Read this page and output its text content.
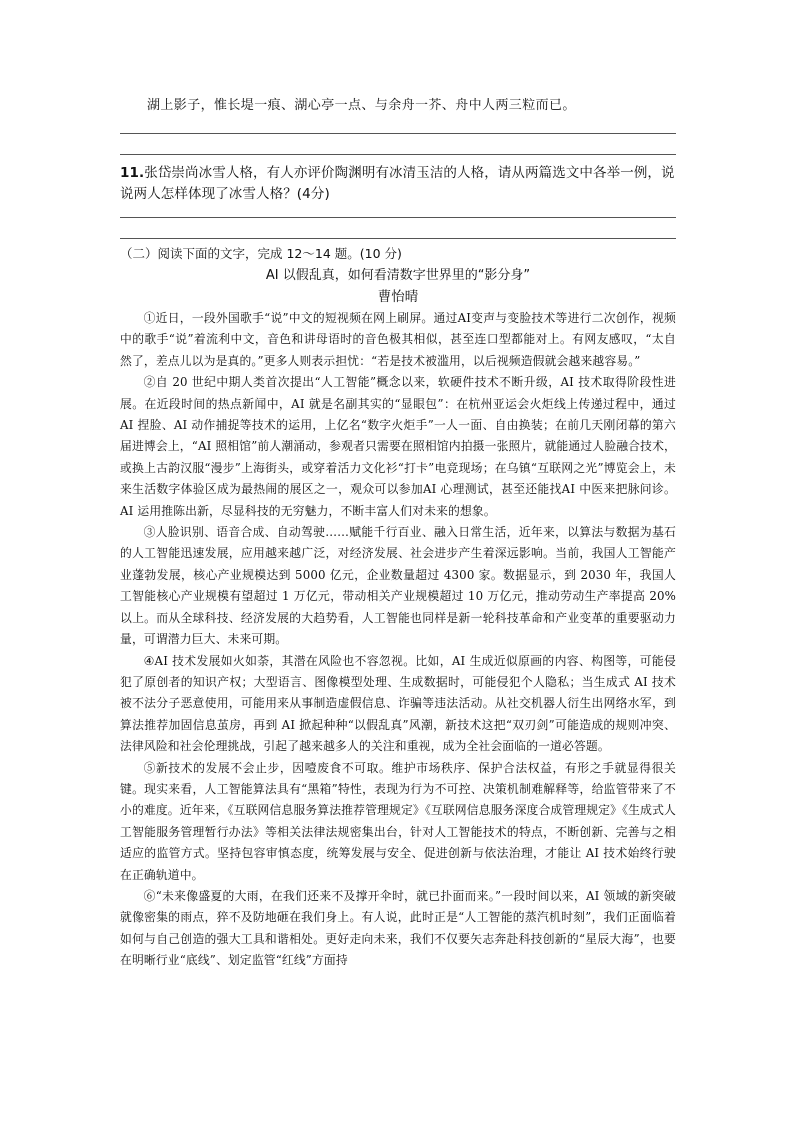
湖上影子，惟长堤一痕、湖心亭一点、与余舟一芥、舟中人两三粒而已。
11.张岱崇尚冰雪人格，有人亦评价陶渊明有冰清玉洁的人格，请从两篇选文中各举一例，说说两人怎样体现了冰雪人格？(4分)
（二）阅读下面的文字，完成 12～14 题。(10 分)
AI 以假乱真，如何看清数字世界里的“影分身”
曹怡晴

①近日，一段外国歌手“说”中文的短视频在网上刷屏。通过AI变声与变脸技术等进行二次创作，视频中的歌手“说”着流利中文，音色和讲母语时的音色极其相似，甚至连口型都能对上。有网友感叹，“太自然了，差点儿以为是真的。”更多人则表示担忧：“若是技术被滥用，以后视频造假就会越来越容易。”

②自 20 世纪中期人类首次提出“人工智能”概念以来，软硬件技术不断升级，AI 技术取得阶段性进展。在近段时间的热点新闻中，AI 就是名副其实的“显眼包”：在杭州亚运会火炬线上传递过程中，通过AI 捏脸、AI 动作捕捉等技术的运用，上亿名“数字火炬手”一人一面、自由换装；在前几天刚闭幕的第六届进博会上，“AI 照相馆”前人潮涌动，参观者只需要在照相馆内拍摄一张照片，就能通过人脸融合技术，或换上古韵汉服“漫步”上海街头，或穿着活力文化衫“打卡”电竞现场；在乌镇“互联网之光”博览会上，未来生活数字体验区成为最热闹的展区之一，观众可以参加AI 心理测试，甚至还能找AI 中医来把脉问诊。AI 运用推陈出新，尽显科技的无穷魅力，不断丰富人们对未来的想象。

③人脸识别、语音合成、自动驾驶……赋能千行百业、融入日常生活，近年来，以算法与数据为基石的人工智能迅速发展，应用越来越广泛，对经济发展、社会进步产生着深远影响。当前，我国人工智能产业蓬勃发展，核心产业规模达到 5000 亿元，企业数量超过 4300 家。数据显示，到 2030 年，我国人工智能核心产业规模有望超过 1 万亿元，带动相关产业规模超过 10 万亿元，推动劳动生产率提高 20%以上。而从全球科技、经济发展的大趋势看，人工智能也同样是新一轮科技革命和产业变革的重要驱动力量，可谓潜力巨大、未来可期。

④AI 技术发展如火如荼，其潜在风险也不容忽视。比如，AI 生成近似原画的内容、构图等，可能侵犯了原创者的知识产权；大型语言、图像模型处理、生成数据时，可能侵犯个人隐私；当生成式 AI 技术被不法分子恶意使用，可能用来从事制造虚假信息、诈骗等违法活动。从社交机器人衍生出网络水军，到算法推荐加固信息茧房，再到 AI 掀起种种“以假乱真”风潮，新技术这把“双刃剑”可能造成的规则冲突、法律风险和社会伦理挑战，引起了越来越多人的关注和重视，成为全社会面临的一道必答题。

⑤新技术的发展不会止步，因噎废食不可取。维护市场秩序、保护合法权益，有形之手就显得很关键。现实来看，人工智能算法具有“黑箱”特性，表现为行为不可控、决策机制难解释等，给监管带来了不小的难度。近年来，《互联网信息服务算法推荐管理规定》《互联网信息服务深度合成管理规定》《生成式人工智能服务管理暂行办法》等相关法律法规密集出台，针对人工智能技术的特点，不断创新、完善与之相适应的监管方式。坚持包容审慎态度，统筹发展与安全、促进创新与依法治理，才能让 AI 技术始终行驶在正确轨道中。

⑥“未来像盛夏的大雨，在我们还来不及撑开伞时，就已扑面而来。”一段时间以来，AI 领域的新突破就像密集的雨点，猝不及防地砸在我们身上。有人说，此时正是“人工智能的蒸汽机时刻”，我们正面临着如何与自己创造的强大工具和谐相处。更好走向未来，我们不仅要矢志奔赴科技创新的“星辰大海”，也要在明晰行业“底线”、划定监管“红线”方面持
